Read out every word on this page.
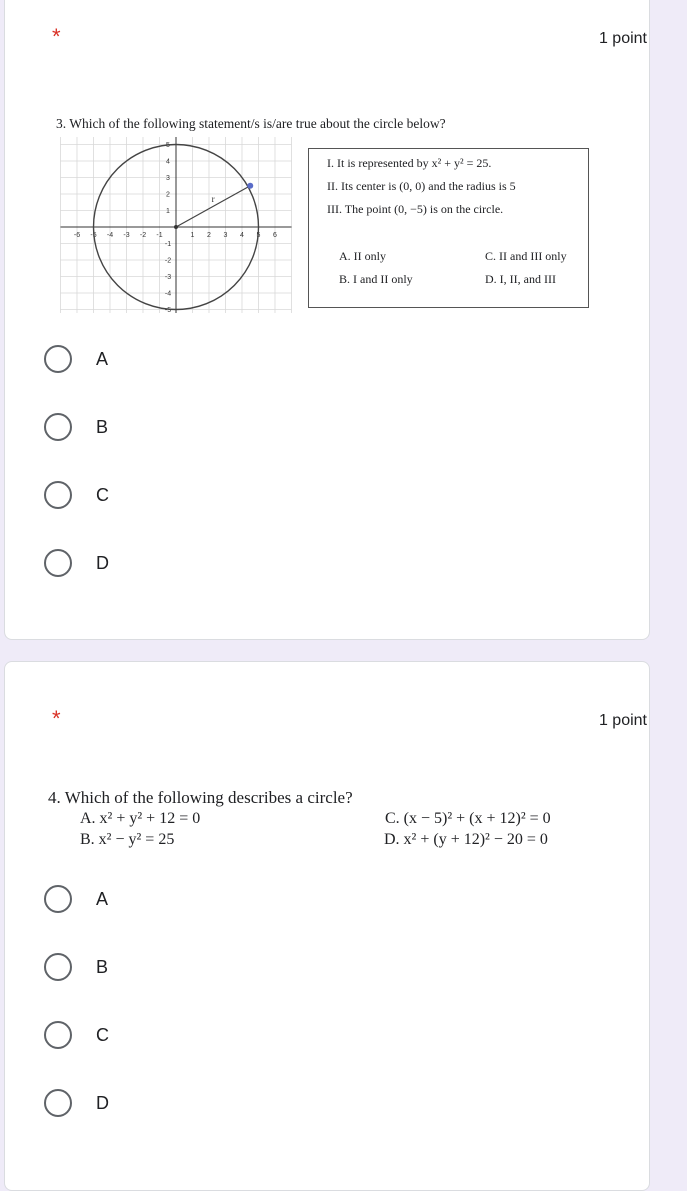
*	1 point
3. Which of the following statement/s is/are true about the circle below?
-6 -5 -4 -3 -2 -1	1 2 3 4 5 6
5
4
3
2
1
-1
-2
-3
-4
-5
r
I. It is represented by x² + y² = 25.
II. Its center is (0, 0) and the radius is 5
III. The point (0, −5) is on the circle.
A. II only	C. II and III only
B. I and II only	D. I, II, and III
A
B
C
D
*	1 point
4. Which of the following describes a circle?
A. x² + y² + 12 = 0	C. (x − 5)² + (x + 12)² = 0
B. x² − y² = 25	D. x² + (y + 12)² − 20 = 0
A
B
C
D
